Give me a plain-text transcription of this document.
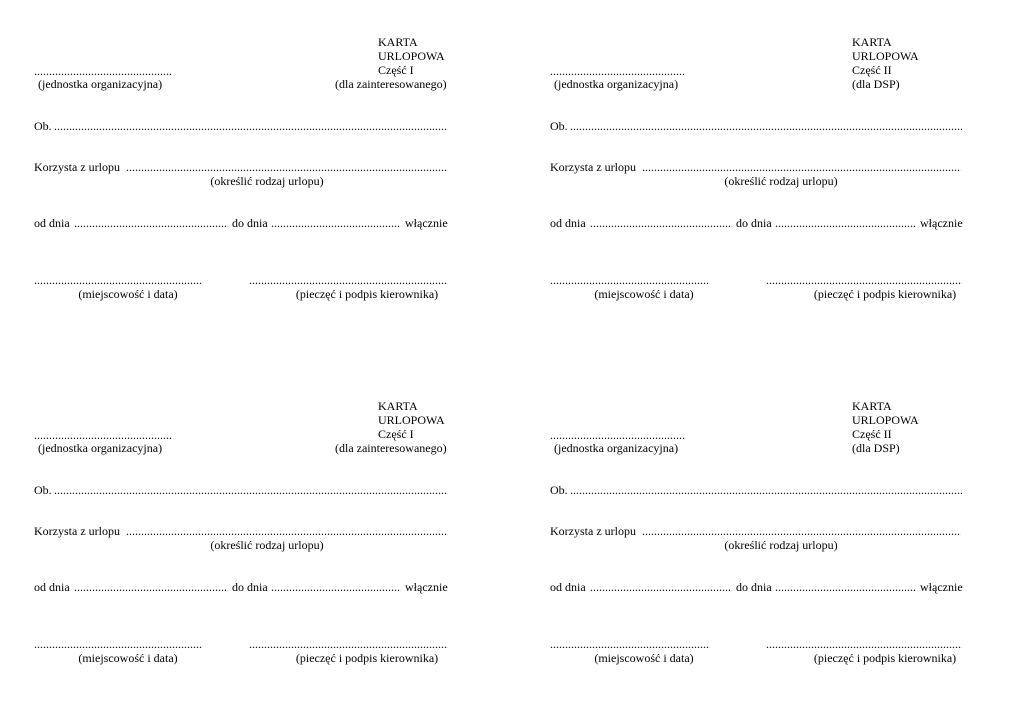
KARTA
URLOPOWA
Część I
(dla zainteresowanego)
.....
(jednostka organizacyjna)
Ob.
.....
Korzysta z urlopu
.....
(określić rodzaj urlopu)
od dnia .....	do dnia .....	włącznie
.....
(miejscowość i data)
.....	(pieczęć i podpis kierownika)
KARTA
URLOPOWA
Część II
(dla DSP)
.....
(jednostka organizacyjna)
Ob.
.....
Korzysta z urlopu
.....
(określić rodzaj urlopu)
od dnia .....	do dnia .....	włącznie
.....
(miejscowość i data)
.....	(pieczęć i podpis kierownika)
KARTA
URLOPOWA
Część I
(dla zainteresowanego)
.....
(jednostka organizacyjna)
Ob.
.....
Korzysta z urlopu
.....
(określić rodzaj urlopu)
od dnia .....	do dnia .....	włącznie
.....
(miejscowość i data)
.....	(pieczęć i podpis kierownika)
KARTA
URLOPOWA
Część II
(dla DSP)
.....
(jednostka organizacyjna)
Ob.
.....
Korzysta z urlopu
.....
(określić rodzaj urlopu)
od dnia .....	do dnia .....	włącznie
.....
(miejscowość i data)
.....	(pieczęć i podpis kierownika)
